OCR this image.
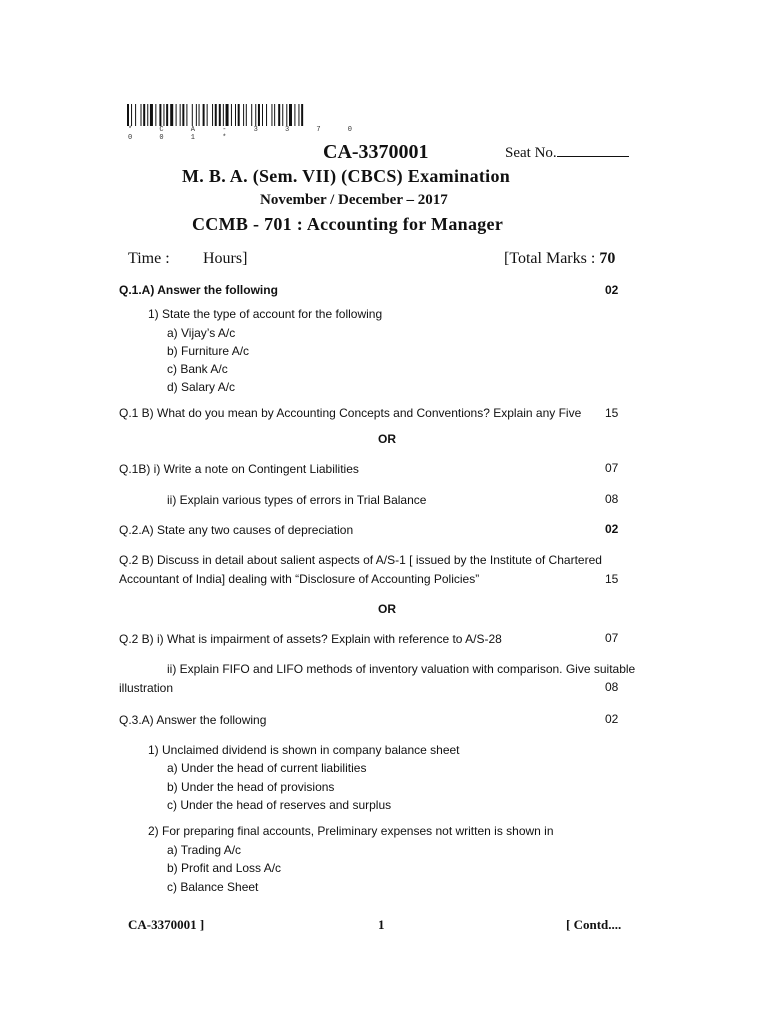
* C A - 3 3 7 0 0 0 1 *
CA-3370001	Seat No.
M. B. A. (Sem. VII) (CBCS) Examination
November / December – 2017
CCMB - 701 : Accounting for Manager
Time : Hours]	[Total Marks : 70
Q.1.A) Answer the following	02
1) State the type of account for the following
a) Vijay’s A/c
b) Furniture A/c
c) Bank A/c
d) Salary A/c
Q.1 B) What do you mean by Accounting Concepts and Conventions? Explain any Five 15
OR
Q.1B) i) Write a note on Contingent Liabilities	07
ii) Explain various types of errors in Trial Balance	08
Q.2.A) State any two causes of depreciation	02
Q.2 B) Discuss in detail about salient aspects of A/S-1 [ issued by the Institute of Chartered
Accountant of India] dealing with “Disclosure of Accounting Policies”	15
OR
Q.2 B) i) What is impairment of assets? Explain with reference to A/S-28	07
ii) Explain FIFO and LIFO methods of inventory valuation with comparison. Give suitable
illustration	08
Q.3.A) Answer the following	02
1) Unclaimed dividend is shown in company balance sheet
a) Under the head of current liabilities
b) Under the head of provisions
c) Under the head of reserves and surplus
2) For preparing final accounts, Preliminary expenses not written is shown in
a) Trading A/c
b) Profit and Loss A/c
c) Balance Sheet
CA-3370001 ]	1	[ Contd....
